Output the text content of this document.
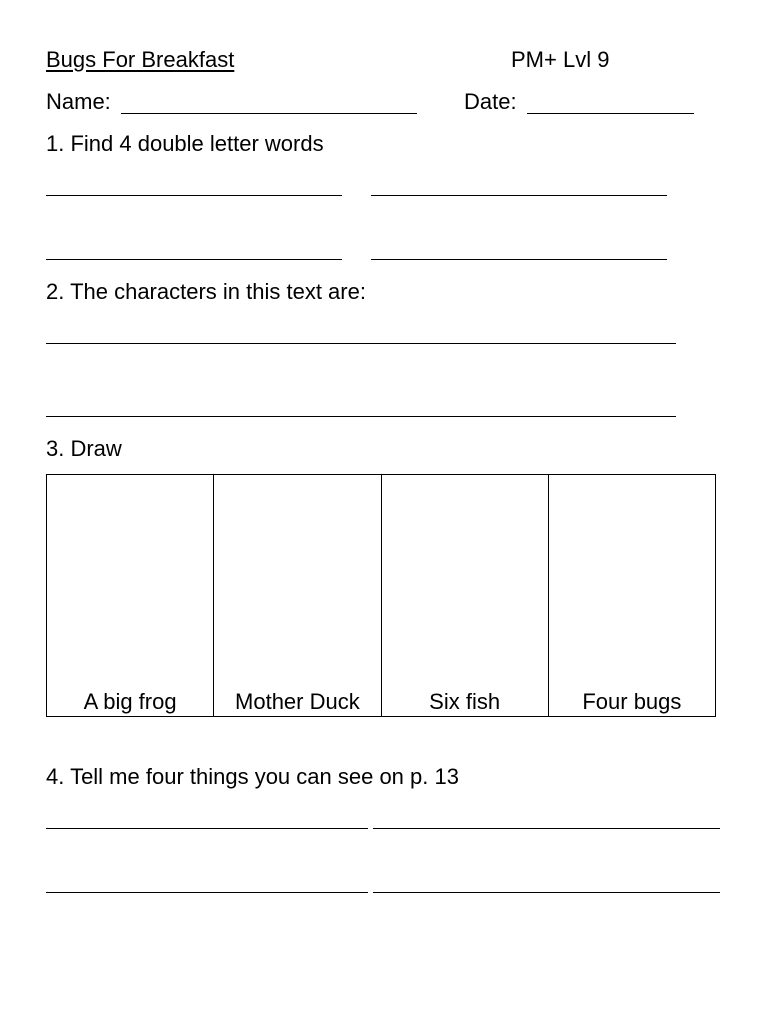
Bugs For Breakfast	PM+ Lvl 9
Name:	Date:
1. Find 4 double letter words
2. The characters in this text are:
3. Draw
A big frog	Mother Duck	Six fish	Four bugs
4. Tell me four things you can see on p. 13
